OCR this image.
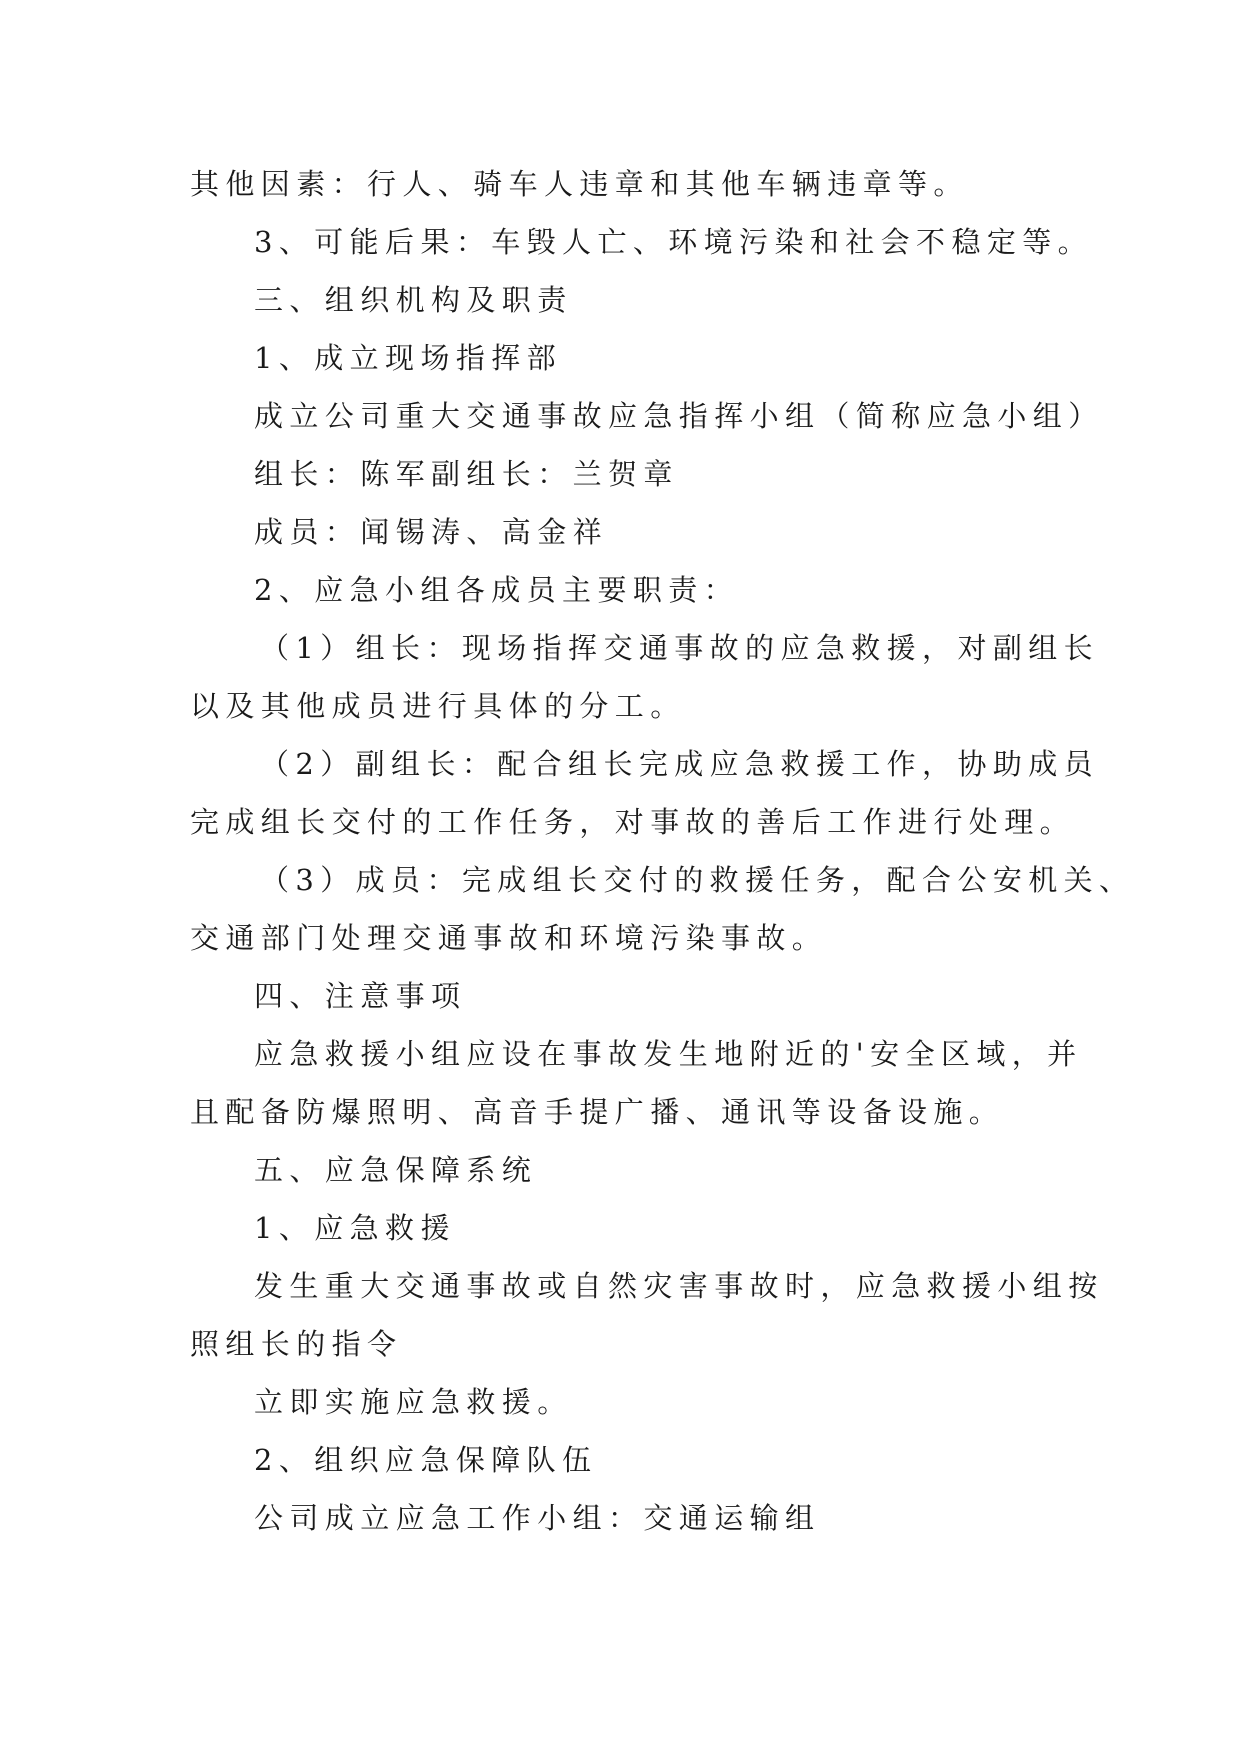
其他因素：行人、骑车人违章和其他车辆违章等。
3、可能后果：车毁人亡、环境污染和社会不稳定等。
三、组织机构及职责
1、成立现场指挥部
成立公司重大交通事故应急指挥小组（简称应急小组）
组长：陈军副组长：兰贺章
成员：闻锡涛、高金祥
2、应急小组各成员主要职责：
（1）组长：现场指挥交通事故的应急救援，对副组长
以及其他成员进行具体的分工。
（2）副组长：配合组长完成应急救援工作，协助成员
完成组长交付的工作任务，对事故的善后工作进行处理。
（3）成员：完成组长交付的救援任务，配合公安机关、
交通部门处理交通事故和环境污染事故。
四、注意事项
应急救援小组应设在事故发生地附近的'安全区域，并
且配备防爆照明、高音手提广播、通讯等设备设施。
五、应急保障系统
1、应急救援
发生重大交通事故或自然灾害事故时，应急救援小组按
照组长的指令
立即实施应急救援。
2、组织应急保障队伍
公司成立应急工作小组：交通运输组
